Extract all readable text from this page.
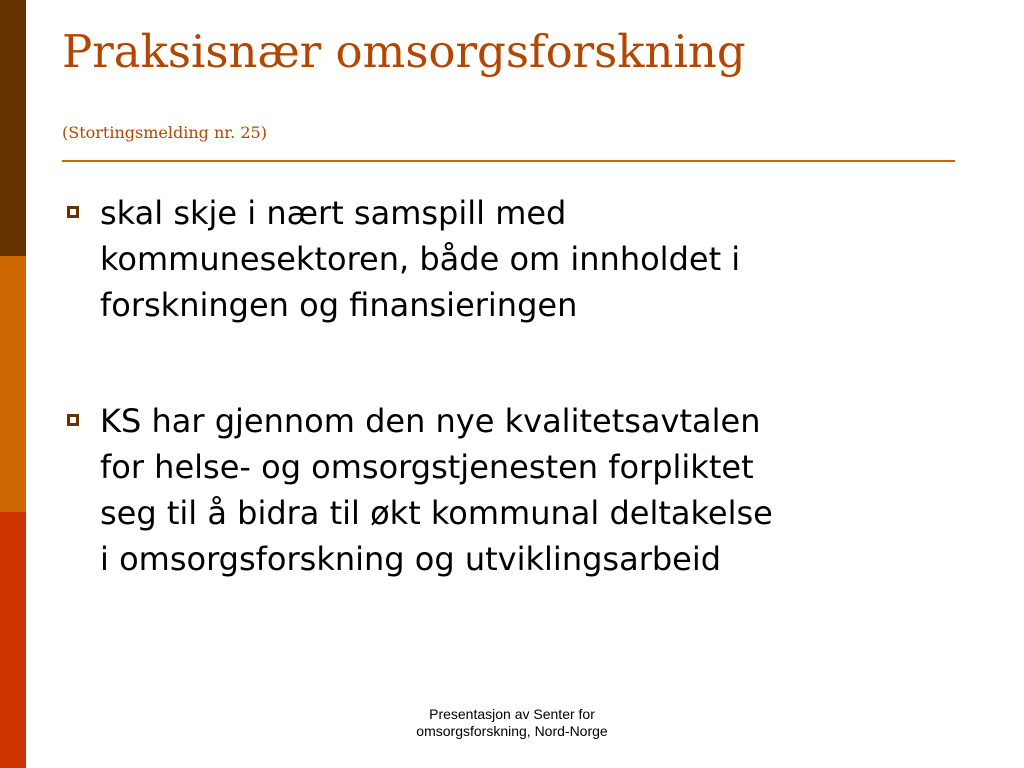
Praksisnær omsorgsforskning

(Stortingsmelding nr. 25)

skal skje i nært samspill med
kommunesektoren, både om innholdet i
forskningen og finansieringen
KS har gjennom den nye kvalitetsavtalen
for helse- og omsorgstjenesten forpliktet
seg til å bidra til økt kommunal deltakelse
i omsorgsforskning og utviklingsarbeid
Presentasjon av Senter for
omsorgsforskning, Nord-Norge
